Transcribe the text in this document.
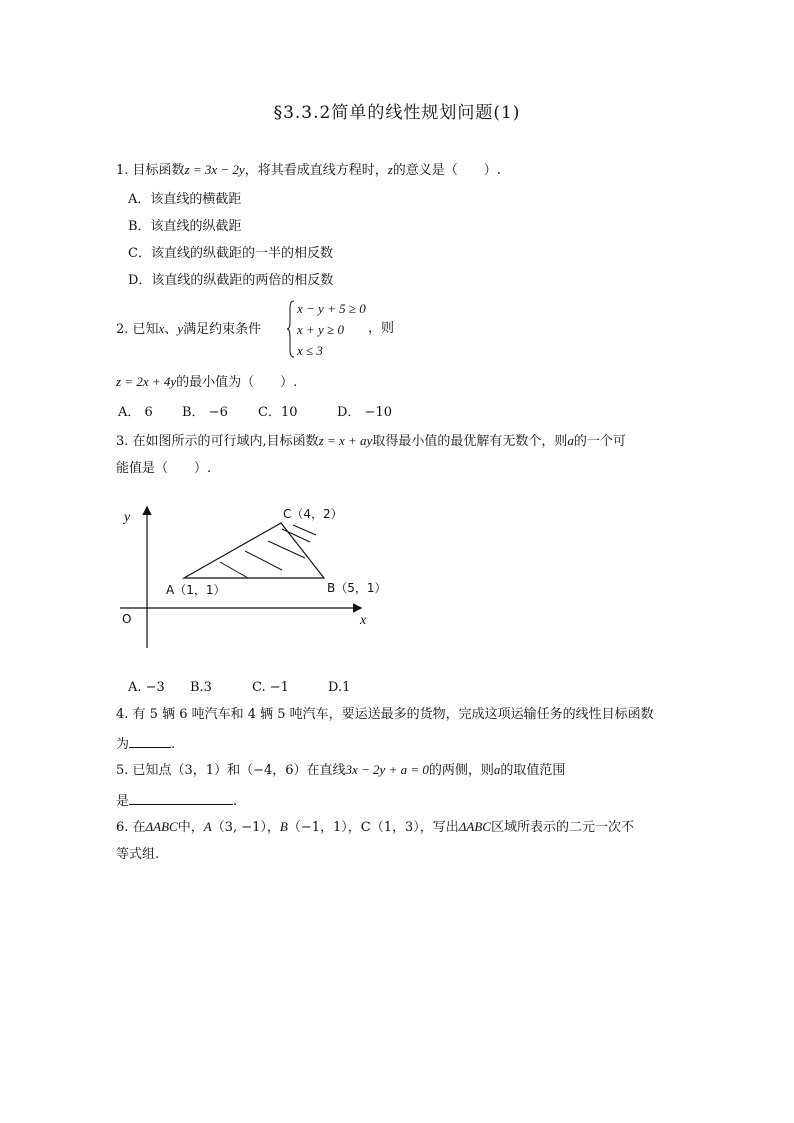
§3.3.2简单的线性规划问题(1)
1. 目标函数z = 3x − 2y，将其看成直线方程时，z的意义是（　　）.
A．该直线的横截距
B．该直线的纵截距
C．该直线的纵截距的一半的相反数
D．该直线的纵截距的两倍的相反数
2. 已知x、y满足约束条件
x − y + 5 ≥ 0
x + y ≥ 0
x ≤ 3
，则
z = 2x + 4y的最小值为（　　）.
A． 6 B． −6 C．10	D． −10
3. 在如图所示的可行域内,目标函数z = x + ay取得最小值的最优解有无数个，则a的一个可
能值是（　　）.
y
x
O
A（1，1）	B（5，1）
C（4，2）
A. −3 B.3	C. −1	D.1
4. 有 5 辆 6 吨汽车和 4 辆 5 吨汽车，要运送最多的货物，完成这项运输任务的线性目标函数
为	.
5. 已知点（3，1）和（−4，6）在直线3x − 2y + a = 0的两侧，则a的取值范围
是	.
6. 在ΔABC中，A（3, −1），B（−1，1），C（1，3），写出ΔABC区域所表示的二元一次不
等式组.
